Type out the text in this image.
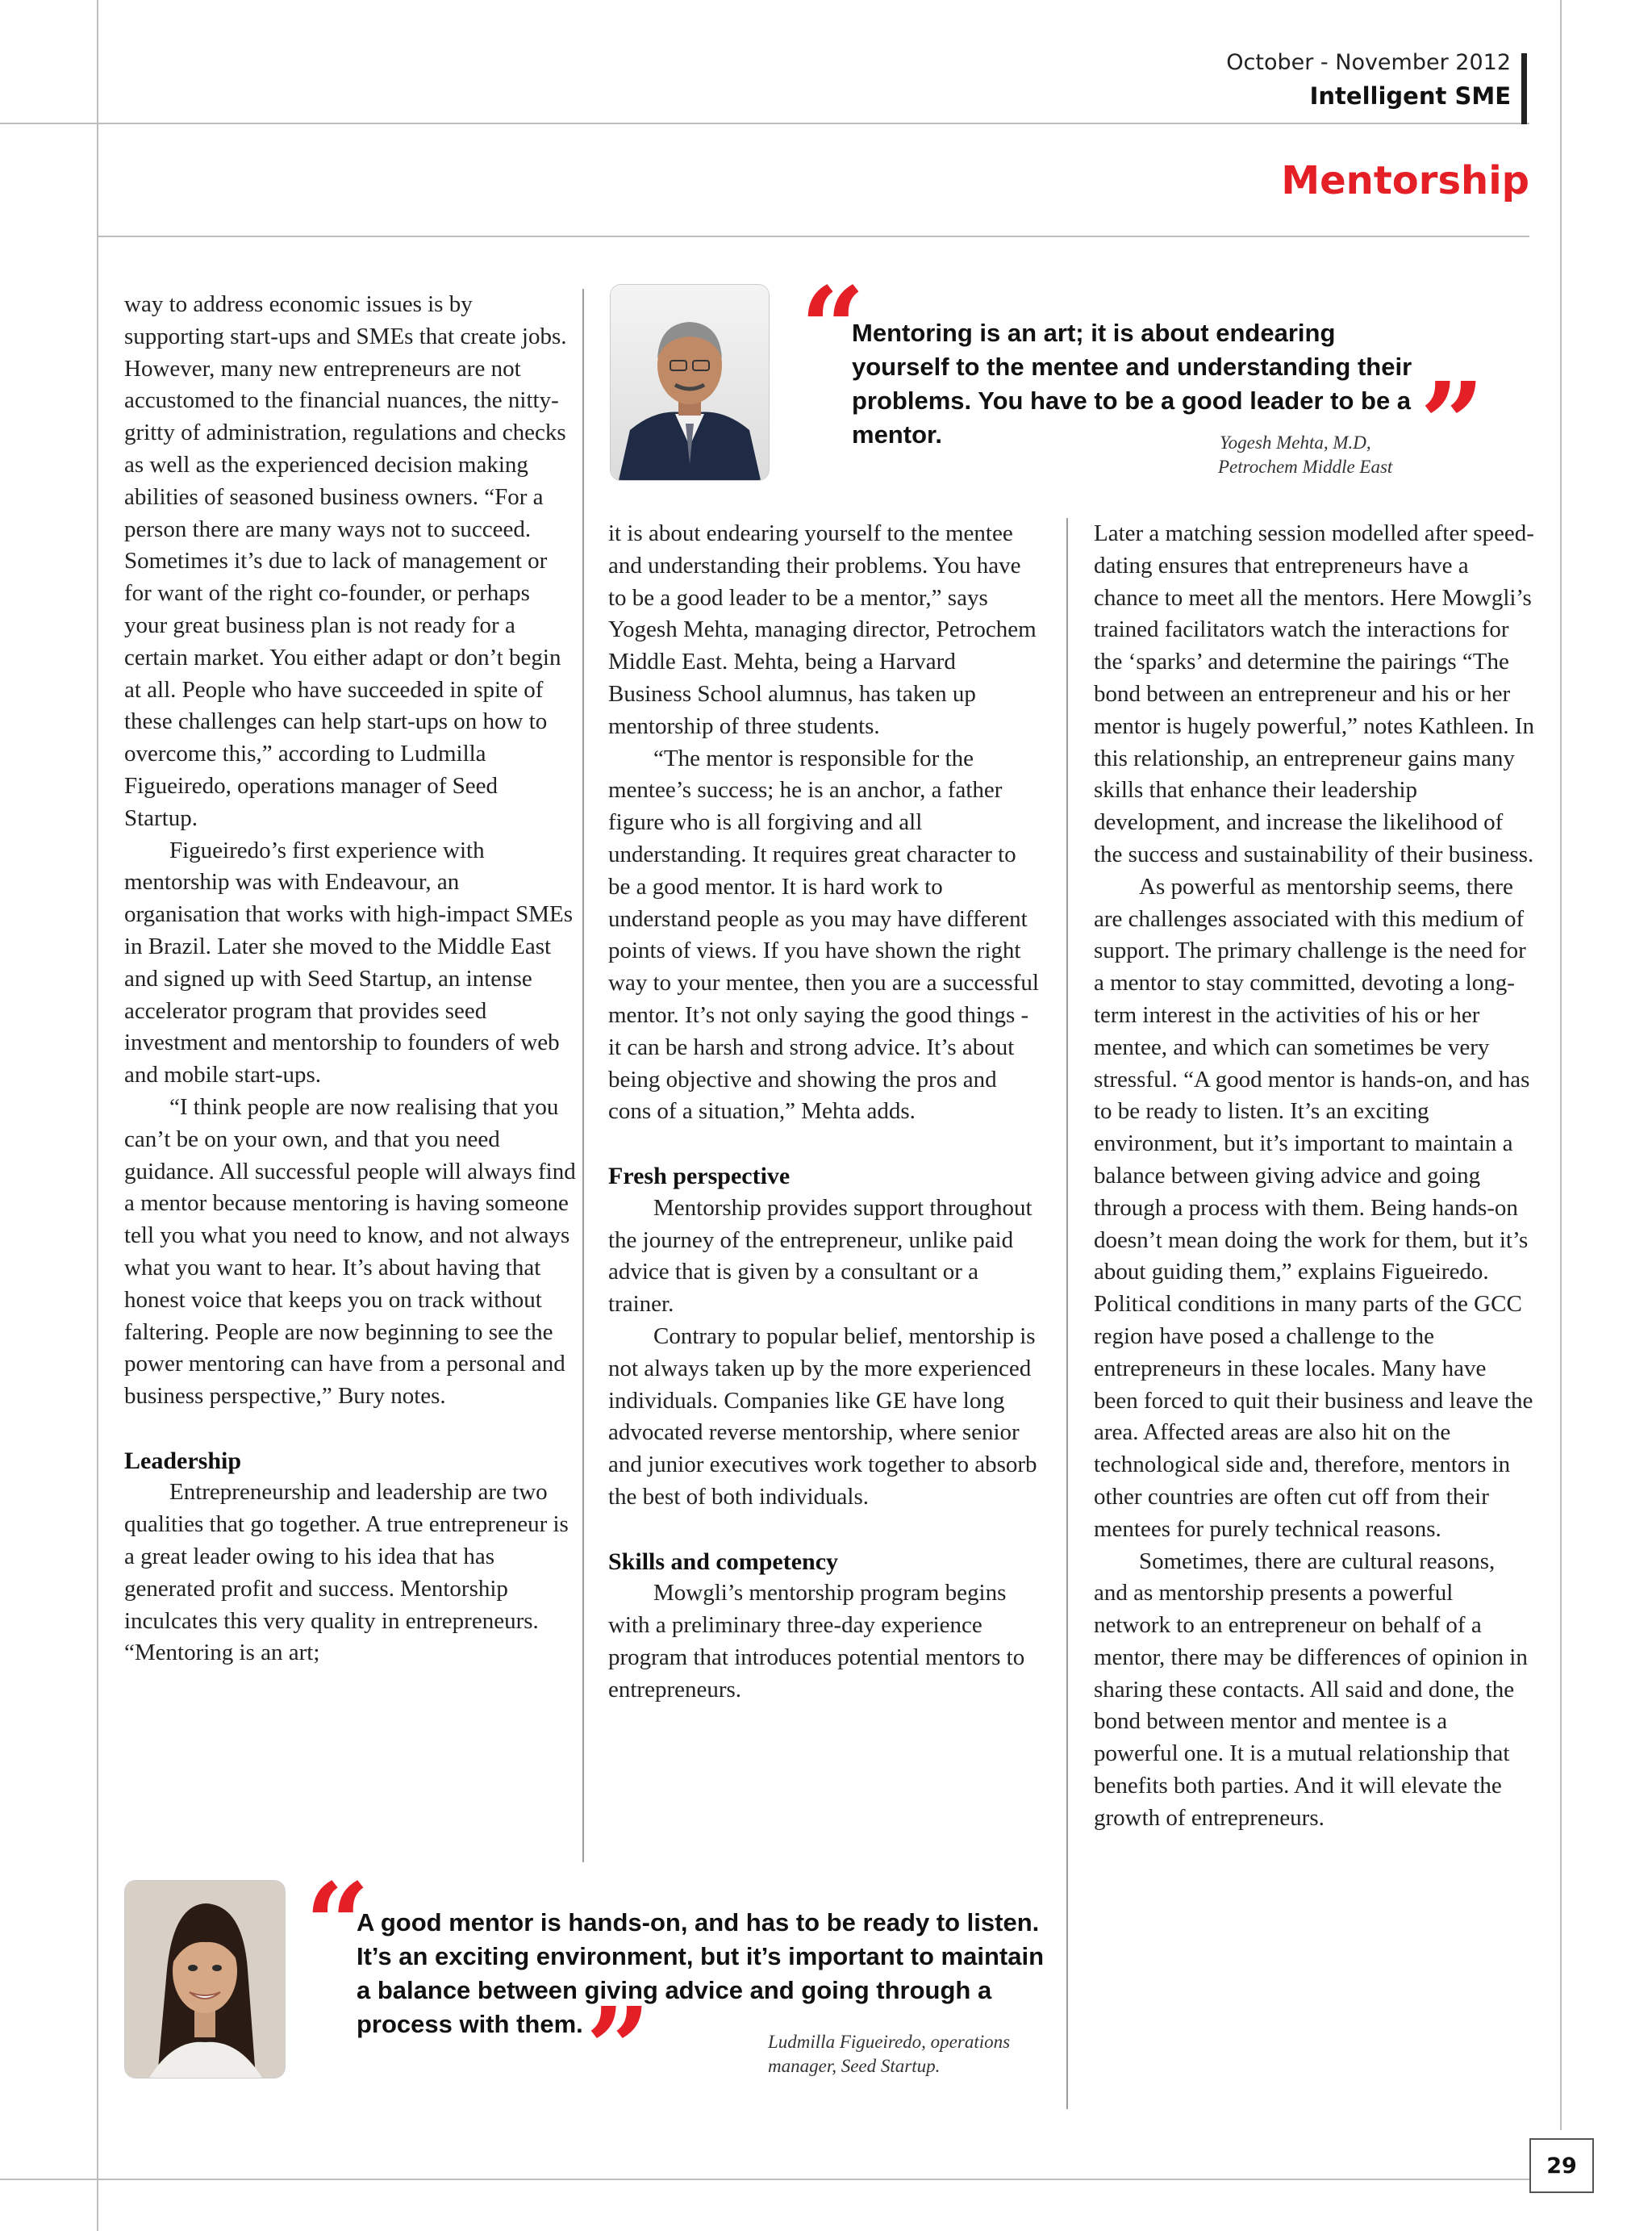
October - November 2012
Intelligent SME
Mentorship
“
Mentoring is an art; it is about endearing yourself to the mentee and understanding their problems. You have to be a good leader to be a mentor.	”
Yogesh Mehta, M.D,
Petrochem Middle East

way to address economic issues is by supporting start-ups and SMEs that create jobs. However, many new entrepreneurs are not accustomed to the financial nuances, the nitty-gritty of administration, regulations and checks as well as the experienced decision making abilities of seasoned business owners. “For a person there are many ways not to succeed. Sometimes it’s due to lack of management or for want of the right co-founder, or perhaps your great business plan is not ready for a certain market. You either adapt or don’t begin at all. People who have succeeded in spite of these challenges can help start-ups on how to overcome this,” according to Ludmilla Figueiredo, operations manager of Seed Startup.

Figueiredo’s first experience with mentorship was with Endeavour, an organisation that works with high-impact SMEs in Brazil. Later she moved to the Middle East and signed up with Seed Startup, an intense accelerator program that provides seed investment and mentorship to founders of web and mobile start-ups.

“I think people are now realising that you can’t be on your own, and that you need guidance. All successful people will always find a mentor because mentoring is having someone tell you what you need to know, and not always what you want to hear. It’s about having that honest voice that keeps you on track without faltering. People are now beginning to see the power mentoring can have from a personal and business perspective,” Bury notes.

Leadership

Entrepreneurship and leadership are two qualities that go together. A true entrepreneur is a great leader owing to his idea that has generated profit and success. Mentorship inculcates this very quality in entrepreneurs. “Mentoring is an art;

it is about endearing yourself to the mentee and understanding their problems. You have to be a good leader to be a mentor,” says Yogesh Mehta, managing director, Petrochem Middle East. Mehta, being a Harvard Business School alumnus, has taken up mentorship of three students.

“The mentor is responsible for the mentee’s success; he is an anchor, a father figure who is all forgiving and all understanding. It requires great character to be a good mentor. It is hard work to understand people as you may have different points of views. If you have shown the right way to your mentee, then you are a successful mentor. It’s not only saying the good things - it can be harsh and strong advice. It’s about being objective and showing the pros and cons of a situation,” Mehta adds.

Fresh perspective

Mentorship provides support throughout the journey of the entrepreneur, unlike paid advice that is given by a consultant or a trainer.

Contrary to popular belief, mentorship is not always taken up by the more experienced individuals. Companies like GE have long advocated reverse mentorship, where senior and junior executives work together to absorb the best of both individuals.

Skills and competency

Mowgli’s mentorship program begins with a preliminary three-day experience program that introduces potential mentors to entrepreneurs.

Later a matching session modelled after speed-dating ensures that entrepreneurs have a chance to meet all the mentors. Here Mowgli’s trained facilitators watch the interactions for the ‘sparks’ and determine the pairings “The bond between an entrepreneur and his or her mentor is hugely powerful,” notes Kathleen. In this relationship, an entrepreneur gains many skills that enhance their leadership development, and increase the likelihood of the success and sustainability of their business.

As powerful as mentorship seems, there are challenges associated with this medium of support. The primary challenge is the need for a mentor to stay committed, devoting a long-term interest in the activities of his or her mentee, and which can sometimes be very stressful. “A good mentor is hands-on, and has to be ready to listen. It’s an exciting environment, but it’s important to maintain a balance between giving advice and going through a process with them. Being hands-on doesn’t mean doing the work for them, but it’s about guiding them,” explains Figueiredo. Political conditions in many parts of the GCC region have posed a challenge to the entrepreneurs in these locales. Many have been forced to quit their business and leave the area. Affected areas are also hit on the technological side and, therefore, mentors in other countries are often cut off from their mentees for purely technical reasons.

Sometimes, there are cultural reasons, and as mentorship presents a powerful network to an entrepreneur on behalf of a mentor, there may be differences of opinion in sharing these contacts. All said and done, the bond between mentor and mentee is a powerful one. It is a mutual relationship that benefits both parties. And it will elevate the growth of entrepreneurs.

“
A good mentor is hands-on, and has to be ready to listen. It’s an exciting environment, but it’s important to maintain a balance between giving advice and going through a process with them. ”	Ludmilla Figueiredo, operations
manager, Seed Startup.
29
